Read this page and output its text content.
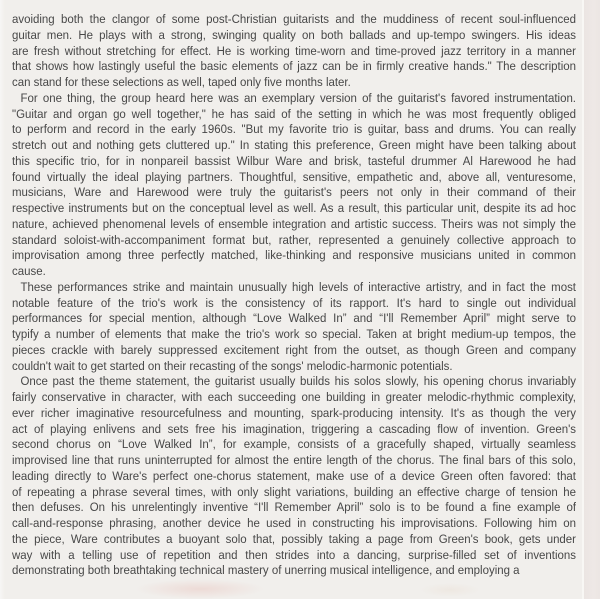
avoiding both the clangor of some post-Christian guitarists and the muddiness of recent soul-influenced
guitar men. He plays with a strong, swinging quality on both ballads and up-tempo swingers. His ideas
are fresh without stretching for effect. He is working time-worn and time-proved jazz territory in a manner
that shows how lastingly useful the basic elements of jazz can be in firmly creative hands." The description
can stand for these selections as well, taped only five months later.
For one thing, the group heard here was an exemplary version of the guitarist's favored instrumentation.
"Guitar and organ go well together," he has said of the setting in which he was most frequently obliged
to perform and record in the early 1960s. "But my favorite trio is guitar, bass and drums. You can really
stretch out and nothing gets cluttered up." In stating this preference, Green might have been talking about
this specific trio, for in nonpareil bassist Wilbur Ware and brisk, tasteful drummer Al Harewood he had
found virtually the ideal playing partners. Thoughtful, sensitive, empathetic and, above all, venturesome,
musicians, Ware and Harewood were truly the guitarist's peers not only in their command of their
respective instruments but on the conceptual level as well. As a result, this particular unit, despite its ad hoc
nature, achieved phenomenal levels of ensemble integration and artistic success. Theirs was not simply the
standard soloist-with-accompaniment format but, rather, represented a genuinely collective approach to
improvisation among three perfectly matched, like-thinking and responsive musicians united in common
cause.
These performances strike and maintain unusually high levels of interactive artistry, and in fact the most
notable feature of the trio's work is the consistency of its rapport. It's hard to single out individual
performances for special mention, although “Love Walked In” and “I'll Remember April” might serve to
typify a number of elements that make the trio's work so special. Taken at bright medium-up tempos, the
pieces crackle with barely suppressed excitement right from the outset, as though Green and company
couldn't wait to get started on their recasting of the songs' melodic-harmonic potentials.
Once past the theme statement, the guitarist usually builds his solos slowly, his opening chorus invariably
fairly conservative in character, with each succeeding one building in greater melodic-rhythmic complexity,
ever richer imaginative resourcefulness and mounting, spark-producing intensity. It's as though the very
act of playing enlivens and sets free his imagination, triggering a cascading flow of invention. Green's
second chorus on “Love Walked In”, for example, consists of a gracefully shaped, virtually seamless
improvised line that runs uninterrupted for almost the entire length of the chorus. The final bars of this solo,
leading directly to Ware's perfect one-chorus statement, make use of a device Green often favored: that
of repeating a phrase several times, with only slight variations, building an effective charge of tension he
then defuses. On his unrelentingly inventive “I'll Remember April” solo is to be found a fine example of
call-and-response phrasing, another device he used in constructing his improvisations. Following him on
the piece, Ware contributes a buoyant solo that, possibly taking a page from Green's book, gets under
way with a telling use of repetition and then strides into a dancing, surprise-filled set of inventions
demonstrating both breathtaking technical mastery of unerring musical intelligence, and employing a
